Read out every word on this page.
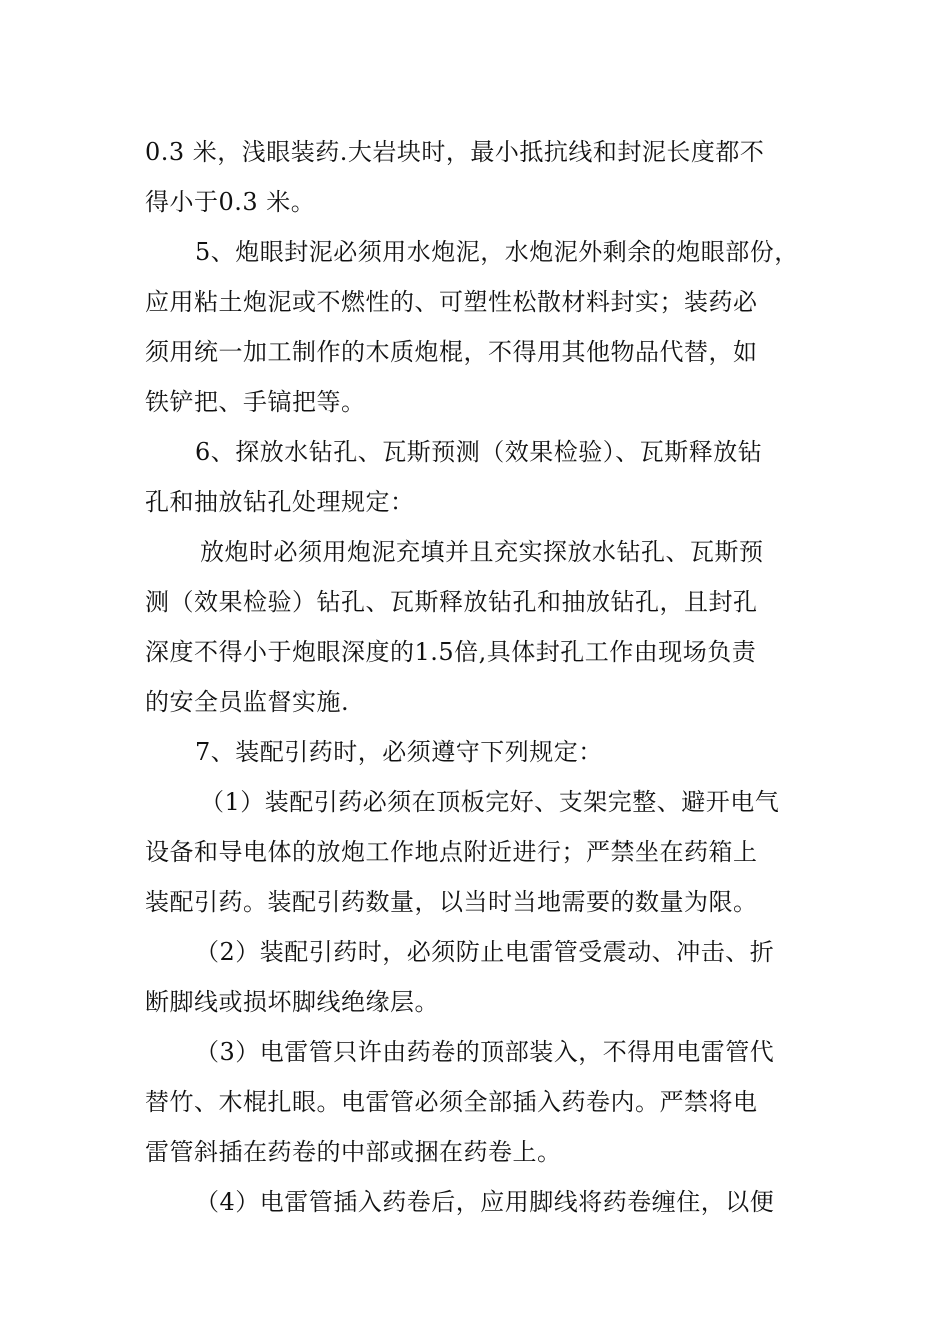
0.3 米，浅眼装药.大岩块时，最小抵抗线和封泥长度都不
得小于0.3 米。
5、炮眼封泥必须用水炮泥，水炮泥外剩余的炮眼部份，
应用粘土炮泥或不燃性的、可塑性松散材料封实；装药必
须用统一加工制作的木质炮棍，不得用其他物品代替，如
铁铲把、手镐把等。
6、探放水钻孔、瓦斯预测（效果检验）、瓦斯释放钻
孔和抽放钻孔处理规定：
放炮时必须用炮泥充填并且充实探放水钻孔、瓦斯预
测（效果检验）钻孔、瓦斯释放钻孔和抽放钻孔，且封孔
深度不得小于炮眼深度的1.5倍,具体封孔工作由现场负责
的安全员监督实施.
7、装配引药时，必须遵守下列规定：
（1）装配引药必须在顶板完好、支架完整、避开电气
设备和导电体的放炮工作地点附近进行；严禁坐在药箱上
装配引药。装配引药数量，以当时当地需要的数量为限。
（2）装配引药时，必须防止电雷管受震动、冲击、折
断脚线或损坏脚线绝缘层。
（3）电雷管只许由药卷的顶部装入，不得用电雷管代
替竹、木棍扎眼。电雷管必须全部插入药卷内。严禁将电
雷管斜插在药卷的中部或捆在药卷上。
（4）电雷管插入药卷后，应用脚线将药卷缠住，以便
